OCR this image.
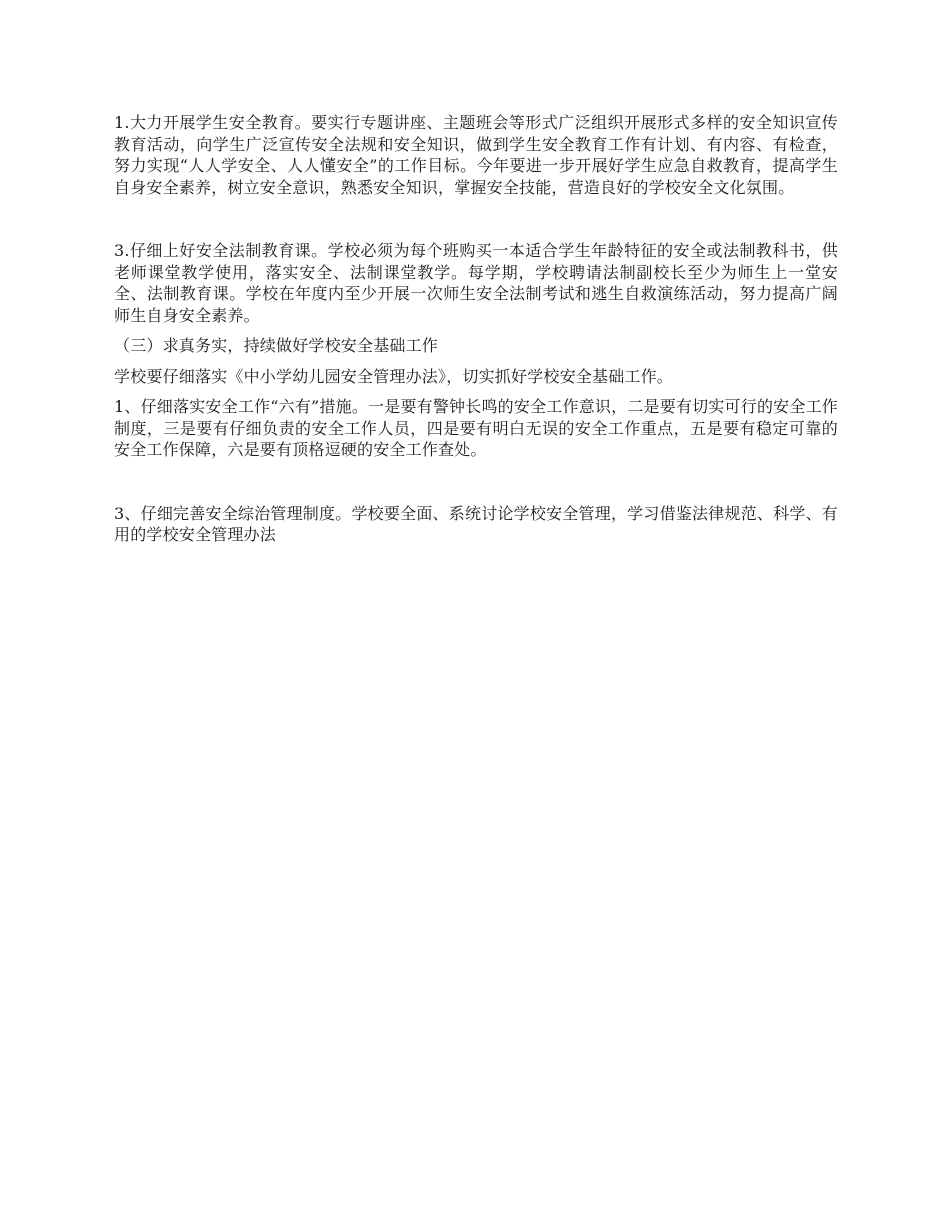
1.大力开展学生安全教育。要实行专题讲座、主题班会等形式广泛组织开展形式多样的安全知识宣传教育活动，向学生广泛宣传安全法规和安全知识，做到学生安全教育工作有计划、有内容、有检查，努力实现“人人学安全、人人懂安全”的工作目标。今年要进一步开展好学生应急自救教育，提高学生自身安全素养，树立安全意识，熟悉安全知识，掌握安全技能，营造良好的学校安全文化氛围。

3.仔细上好安全法制教育课。学校必须为每个班购买一本适合学生年龄特征的安全或法制教科书，供老师课堂教学使用，落实安全、法制课堂教学。每学期，学校聘请法制副校长至少为师生上一堂安全、法制教育课。学校在年度内至少开展一次师生安全法制考试和逃生自救演练活动，努力提高广阔师生自身安全素养。

（三）求真务实，持续做好学校安全基础工作

学校要仔细落实《中小学幼儿园安全管理办法》，切实抓好学校安全基础工作。

1、仔细落实安全工作“六有”措施。一是要有警钟长鸣的安全工作意识，二是要有切实可行的安全工作制度，三是要有仔细负责的安全工作人员，四是要有明白无误的安全工作重点，五是要有稳定可靠的安全工作保障，六是要有顶格逗硬的安全工作查处。

3、仔细完善安全综治管理制度。学校要全面、系统讨论学校安全管理，学习借鉴法律规范、科学、有用的学校安全管理办法
